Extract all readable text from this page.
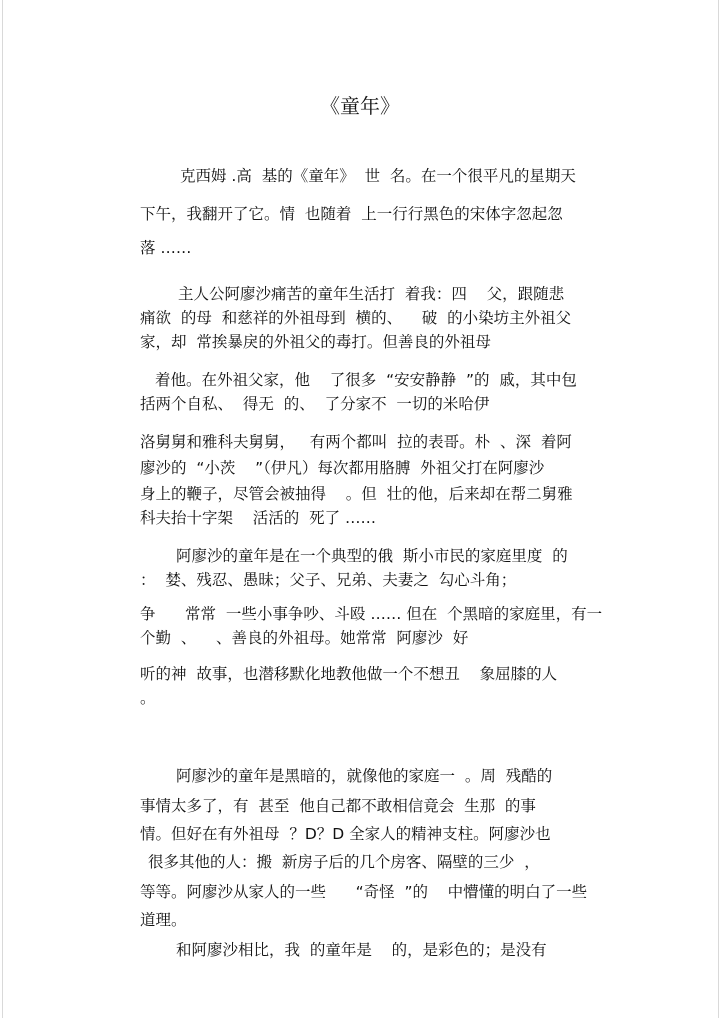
《童年》
克西姆 .高  基的《童年》  世  名。在一个很平凡的星期天
下午，我翻开了它。情  也随着  上一行行黑色的宋体字忽起忽
落 ……
主人公阿廖沙痛苦的童年生活打  着我：四    父，跟随悲
痛欲  的母  和慈祥的外祖母到  横的、    破  的小染坊主外祖父
家，却  常挨暴戾的外祖父的毒打。但善良的外祖母
着他。在外祖父家，他    了很多  “安安静静  ”的  戚，其中包
括两个自私、  得无  的、  了分家不  一切的米哈伊
洛舅舅和雅科夫舅舅，   有两个都叫  拉的表哥。朴  、深  着阿
廖沙的  “小茨    ”（伊凡）每次都用胳膊  外祖父打在阿廖沙
身上的鞭子，尽管会被抽得    。但  壮的他，后来却在帮二舅雅
科夫抬十字架    活活的  死了 ……
阿廖沙的童年是在一个典型的俄  斯小市民的家庭里度  的
：  婪、残忍、愚昧；父子、兄弟、夫妻之  勾心斗角；
争      常常  一些小事争吵、斗殴 …… 但在  个黑暗的家庭里，有一
个勤  、    、善良的外祖母。她常常  阿廖沙  好
听的神  故事，也潜移默化地教他做一个不想丑    象屈膝的人
。
阿廖沙的童年是黑暗的，就像他的家庭一  。周  残酷的
事情太多了，有  甚至  他自己都不敢相信竟会  生那  的事
情。但好在有外祖母  ？D？D 全家人的精神支柱。阿廖沙也
很多其他的人：搬  新房子后的几个房客、隔壁的三少  ，
等等。阿廖沙从家人的一些      “奇怪  ”的    中懵懂的明白了一些
道理。
和阿廖沙相比，我  的童年是    的，是彩色的；是没有
